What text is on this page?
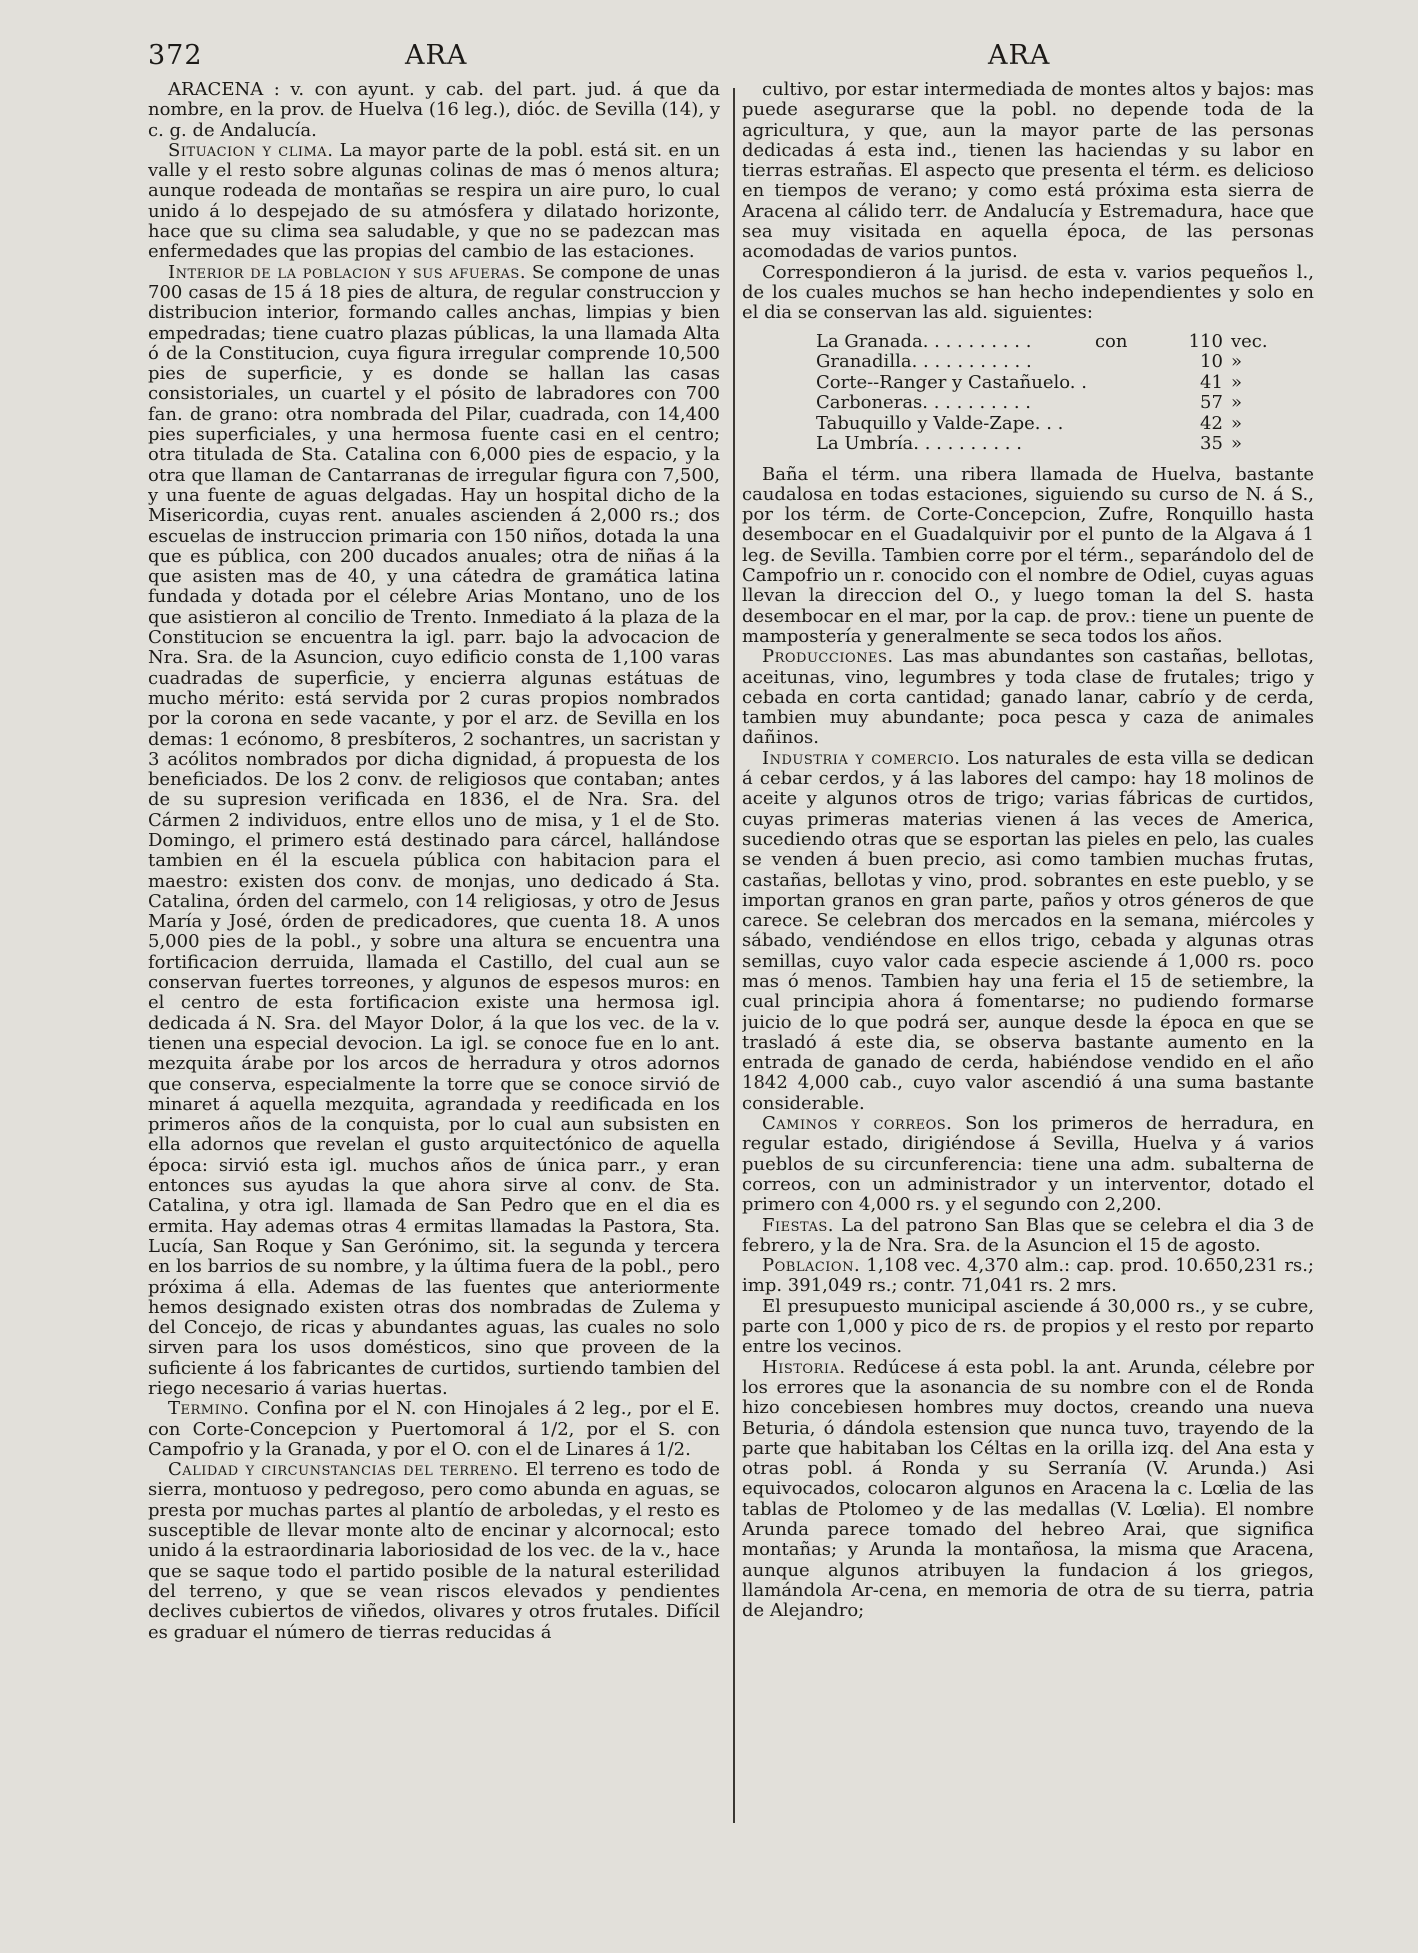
372	ARA	ARA

ARACENA : v. con ayunt. y cab. del part. jud. á que da nombre, en la prov. de Huelva (16 leg.), dióc. de Sevilla (14), y c. g. de Andalucía.

Situacion y clima. La mayor parte de la pobl. está sit. en un valle y el resto sobre algunas colinas de mas ó menos altura; aunque rodeada de montañas se respira un aire puro, lo cual unido á lo despejado de su atmósfera y dilatado horizonte, hace que su clima sea saludable, y que no se padezcan mas enfermedades que las propias del cambio de las estaciones.

Interior de la poblacion y sus afueras. Se compone de unas 700 casas de 15 á 18 pies de altura, de regular construccion y distribucion interior, formando calles anchas, limpias y bien empedradas; tiene cuatro plazas públicas, la una llamada Alta ó de la Constitucion, cuya figura irregular comprende 10,500 pies de superficie, y es donde se hallan las casas consistoriales, un cuartel y el pósito de labradores con 700 fan. de grano: otra nombrada del Pilar, cuadrada, con 14,400 pies superficiales, y una hermosa fuente casi en el centro; otra titulada de Sta. Catalina con 6,000 pies de espacio, y la otra que llaman de Cantarranas de irregular figura con 7,500, y una fuente de aguas delgadas. Hay un hospital dicho de la Misericordia, cuyas rent. anuales ascienden á 2,000 rs.; dos escuelas de instruccion primaria con 150 niños, dotada la una que es pública, con 200 ducados anuales; otra de niñas á la que asisten mas de 40, y una cátedra de gramática latina fundada y dotada por el célebre Arias Montano, uno de los que asistieron al concilio de Trento. Inmediato á la plaza de la Constitucion se encuentra la igl. parr. bajo la advocacion de Nra. Sra. de la Asuncion, cuyo edificio consta de 1,100 varas cuadradas de superficie, y encierra algunas estátuas de mucho mérito: está servida por 2 curas propios nombrados por la corona en sede vacante, y por el arz. de Sevilla en los demas: 1 ecónomo, 8 presbíteros, 2 sochantres, un sacristan y 3 acólitos nombrados por dicha dignidad, á propuesta de los beneficiados. De los 2 conv. de religiosos que contaban; antes de su supresion verificada en 1836, el de Nra. Sra. del Cármen 2 individuos, entre ellos uno de misa, y 1 el de Sto. Domingo, el primero está destinado para cárcel, hallándose tambien en él la escuela pública con habitacion para el maestro: existen dos conv. de monjas, uno dedicado á Sta. Catalina, órden del carmelo, con 14 religiosas, y otro de Jesus María y José, órden de predicadores, que cuenta 18. A unos 5,000 pies de la pobl., y sobre una altura se encuentra una fortificacion derruida, llamada el Castillo, del cual aun se conservan fuertes torreones, y algunos de espesos muros: en el centro de esta fortificacion existe una hermosa igl. dedicada á N. Sra. del Mayor Dolor, á la que los vec. de la v. tienen una especial devocion. La igl. se conoce fue en lo ant. mezquita árabe por los arcos de herradura y otros adornos que conserva, especialmente la torre que se conoce sirvió de minaret á aquella mezquita, agrandada y reedificada en los primeros años de la conquista, por lo cual aun subsisten en ella adornos que revelan el gusto arquitectónico de aquella época: sirvió esta igl. muchos años de única parr., y eran entonces sus ayudas la que ahora sirve al conv. de Sta. Catalina, y otra igl. llamada de San Pedro que en el dia es ermita. Hay ademas otras 4 ermitas llamadas la Pastora, Sta. Lucía, San Roque y San Gerónimo, sit. la segunda y tercera en los barrios de su nombre, y la última fuera de la pobl., pero próxima á ella. Ademas de las fuentes que anteriormente hemos designado existen otras dos nombradas de Zulema y del Concejo, de ricas y abundantes aguas, las cuales no solo sirven para los usos domésticos, sino que proveen de la suficiente á los fabricantes de curtidos, surtiendo tambien del riego necesario á varias huertas.

Termino. Confina por el N. con Hinojales á 2 leg., por el E. con Corte-Concepcion y Puertomoral á 1/2, por el S. con Campofrio y la Granada, y por el O. con el de Linares á 1/2.

Calidad y circunstancias del terreno. El terreno es todo de sierra, montuoso y pedregoso, pero como abunda en aguas, se presta por muchas partes al plantío de arboledas, y el resto es susceptible de llevar monte alto de encinar y alcornocal; esto unido á la estraordinaria laboriosidad de los vec. de la v., hace que se saque todo el partido posible de la natural esterilidad del terreno, y que se vean riscos elevados y pendientes declives cubiertos de viñedos, olivares y otros frutales. Difícil es graduar el número de tierras reducidas á

cultivo, por estar intermediada de montes altos y bajos: mas puede asegurarse que la pobl. no depende toda de la agricultura, y que, aun la mayor parte de las personas dedicadas á esta ind., tienen las haciendas y su labor en tierras estrañas. El aspecto que presenta el térm. es delicioso en tiempos de verano; y como está próxima esta sierra de Aracena al cálido terr. de Andalucía y Estremadura, hace que sea muy visitada en aquella época, de las personas acomodadas de varios puntos.

Correspondieron á la jurisd. de esta v. varios pequeños l., de los cuales muchos se han hecho independientes y solo en el dia se conservan las ald. siguientes:

La Granada. . . . . . . . . .	con	110	vec.
Granadilla. . . . . . . . . . .		10	»
Corte--Ranger y Castañuelo. .		41	»
Carboneras. . . . . . . . . .		57	»
Tabuquillo y Valde-Zape. . .		42	»
La Umbría. . . . . . . . . .		35	»

Baña el térm. una ribera llamada de Huelva, bastante caudalosa en todas estaciones, siguiendo su curso de N. á S., por los térm. de Corte-Concepcion, Zufre, Ronquillo hasta desembocar en el Guadalquivir por el punto de la Algava á 1 leg. de Sevilla. Tambien corre por el térm., separándolo del de Campofrio un r. conocido con el nombre de Odiel, cuyas aguas llevan la direccion del O., y luego toman la del S. hasta desembocar en el mar, por la cap. de prov.: tiene un puente de mampostería y generalmente se seca todos los años.

Producciones. Las mas abundantes son castañas, bellotas, aceitunas, vino, legumbres y toda clase de frutales; trigo y cebada en corta cantidad; ganado lanar, cabrío y de cerda, tambien muy abundante; poca pesca y caza de animales dañinos.

Industria y comercio. Los naturales de esta villa se dedican á cebar cerdos, y á las labores del campo: hay 18 molinos de aceite y algunos otros de trigo; varias fábricas de curtidos, cuyas primeras materias vienen á las veces de America, sucediendo otras que se esportan las pieles en pelo, las cuales se venden á buen precio, asi como tambien muchas frutas, castañas, bellotas y vino, prod. sobrantes en este pueblo, y se importan granos en gran parte, paños y otros géneros de que carece. Se celebran dos mercados en la semana, miércoles y sábado, vendiéndose en ellos trigo, cebada y algunas otras semillas, cuyo valor cada especie asciende á 1,000 rs. poco mas ó menos. Tambien hay una feria el 15 de setiembre, la cual principia ahora á fomentarse; no pudiendo formarse juicio de lo que podrá ser, aunque desde la época en que se trasladó á este dia, se observa bastante aumento en la entrada de ganado de cerda, habiéndose vendido en el año 1842 4,000 cab., cuyo valor ascendió á una suma bastante considerable.

Caminos y correos. Son los primeros de herradura, en regular estado, dirigiéndose á Sevilla, Huelva y á varios pueblos de su circunferencia: tiene una adm. subalterna de correos, con un administrador y un interventor, dotado el primero con 4,000 rs. y el segundo con 2,200.

Fiestas. La del patrono San Blas que se celebra el dia 3 de febrero, y la de Nra. Sra. de la Asuncion el 15 de agosto.

Poblacion. 1,108 vec. 4,370 alm.: cap. prod. 10.650,231 rs.; imp. 391,049 rs.; contr. 71,041 rs. 2 mrs.

El presupuesto municipal asciende á 30,000 rs., y se cubre, parte con 1,000 y pico de rs. de propios y el resto por reparto entre los vecinos.

Historia. Redúcese á esta pobl. la ant. Arunda, célebre por los errores que la asonancia de su nombre con el de Ronda hizo concebiesen hombres muy doctos, creando una nueva Beturia, ó dándola estension que nunca tuvo, trayendo de la parte que habitaban los Céltas en la orilla izq. del Ana esta y otras pobl. á Ronda y su Serranía (V. Arunda.) Asi equivocados, colocaron algunos en Aracena la c. Lœlia de las tablas de Ptolomeo y de las medallas (V. Lœlia). El nombre Arunda parece tomado del hebreo Arai, que significa montañas; y Arunda la montañosa, la misma que Aracena, aunque algunos atribuyen la fundacion á los griegos, llamándola Ar-cena, en memoria de otra de su tierra, patria de Alejandro;
